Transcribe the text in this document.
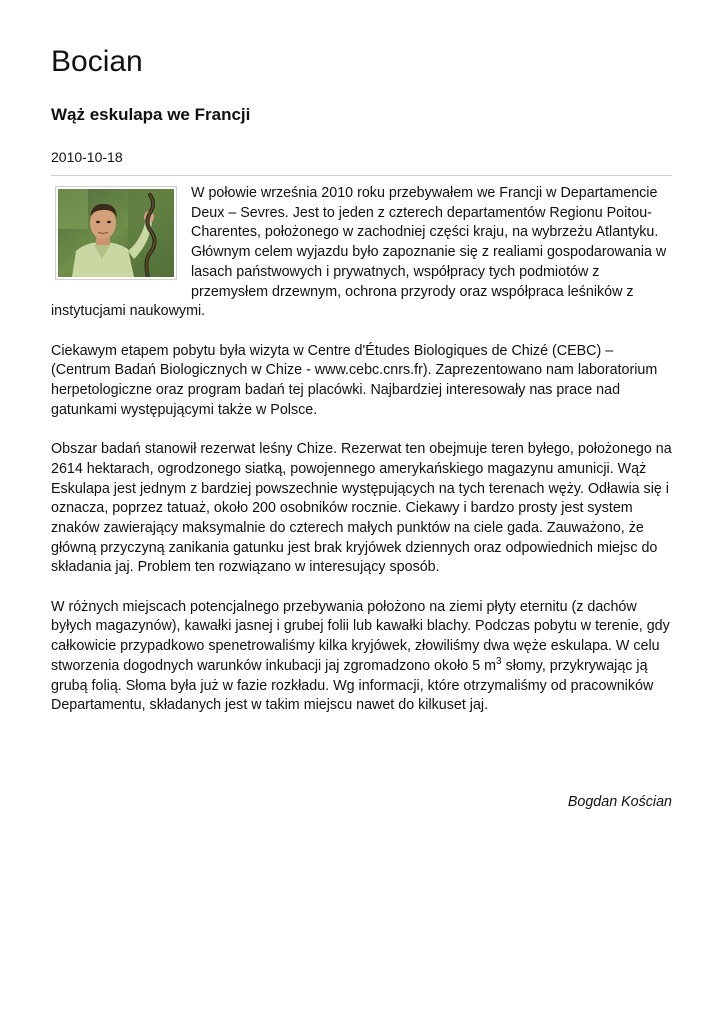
Bocian
Wąż eskulapa we Francji
2010-10-18

W połowie września 2010 roku przebywałem we Francji w Departamencie Deux – Sevres. Jest to jeden z czterech departamentów Regionu Poitou-Charentes, położonego w zachodniej części kraju, na wybrzeżu Atlantyku. Głównym celem wyjazdu było zapoznanie się z realiami gospodarowania w lasach państwowych i prywatnych, współpracy tych podmiotów z przemysłem drzewnym, ochrona przyrody oraz współpraca leśników z instytucjami naukowymi.

Ciekawym etapem pobytu była wizyta w Centre d'Études Biologiques de Chizé (CEBC) – (Centrum Badań Biologicznych w Chize - www.cebc.cnrs.fr). Zaprezentowano nam laboratorium herpetologiczne oraz program badań tej placówki. Najbardziej interesowały nas prace nad gatunkami występującymi także w Polsce.

Obszar badań stanowił rezerwat leśny Chize. Rezerwat ten obejmuje teren byłego, położonego na 2614 hektarach, ogrodzonego siatką, powojennego amerykańskiego magazynu amunicji. Wąż Eskulapa jest jednym z bardziej powszechnie występujących na tych terenach węży. Odławia się i oznacza, poprzez tatuaż, około 200 osobników rocznie. Ciekawy i bardzo prosty jest system znaków zawierający maksymalnie do czterech małych punktów na ciele gada. Zauważono, że główną przyczyną zanikania gatunku jest brak kryjówek dziennych oraz odpowiednich miejsc do składania jaj. Problem ten rozwiązano w interesujący sposób.

W różnych miejscach potencjalnego przebywania położono na ziemi płyty eternitu (z dachów byłych magazynów), kawałki jasnej i grubej folii lub kawałki blachy. Podczas pobytu w terenie, gdy całkowicie przypadkowo spenetrowaliśmy kilka kryjówek, złowiliśmy dwa węże eskulapa. W celu stworzenia dogodnych warunków inkubacji jaj zgromadzono około 5 $m^3$ słomy, przykrywając ją grubą folią. Słoma była już w fazie rozkładu. Wg informacji, które otrzymaliśmy od pracowników Departamentu, składanych jest w takim miejscu nawet do kilkuset jaj.

Bogdan Kościan
